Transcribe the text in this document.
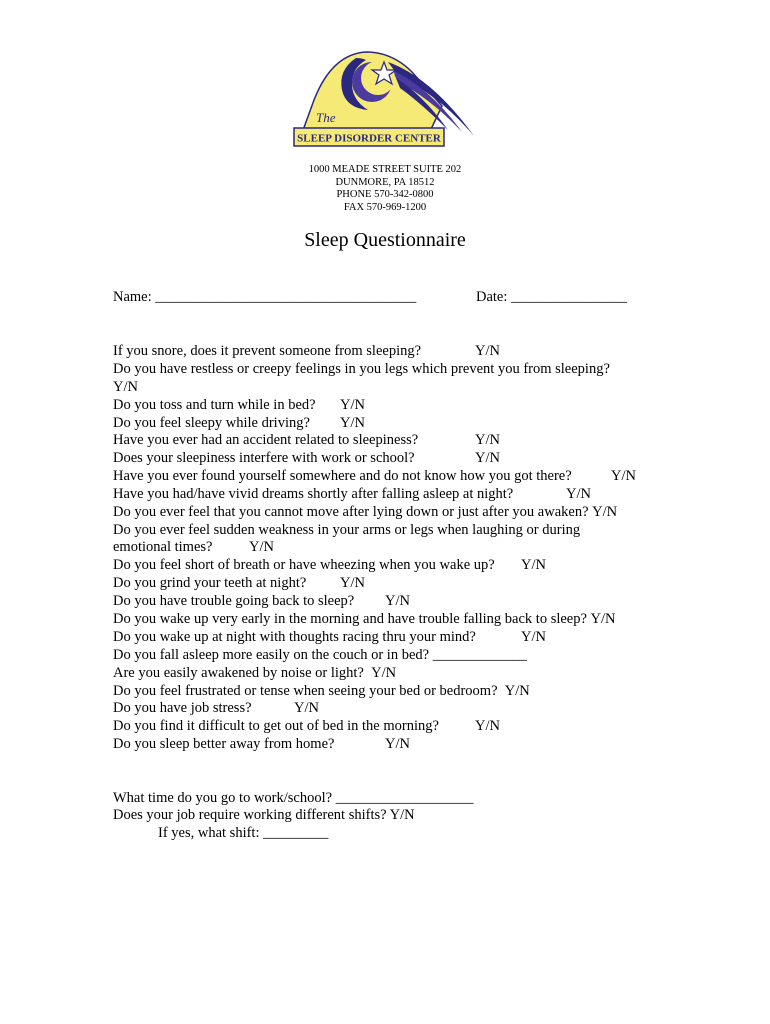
SLEEP DISORDER CENTER
The
1000 MEADE STREET SUITE 202
DUNMORE, PA 18512
PHONE 570-342-0800
FAX 570-969-1200
Sleep Questionnaire
Name: ____________________________________	Date: ________________
If you snore, does it prevent someone from sleeping?	Y/N
Do you have restless or creepy feelings in you legs which prevent you from sleeping?
Y/N
Do you toss and turn while in bed? Y/N
Do you feel sleepy while driving? Y/N
Have you ever had an accident related to sleepiness?	Y/N
Does your sleepiness interfere with work or school?	Y/N
Have you ever found yourself somewhere and do not know how you got there?	Y/N
Have you had/have vivid dreams shortly after falling asleep at night?	Y/N
Do you ever feel that you cannot move after lying down or just after you awaken? Y/N
Do you ever feel sudden weakness in your arms or legs when laughing or during
emotional times?	Y/N
Do you feel short of breath or have wheezing when you wake up? Y/N
Do you grind your teeth at night? Y/N
Do you have trouble going back to sleep? Y/N
Do you wake up very early in the morning and have trouble falling back to sleep? Y/N
Do you wake up at night with thoughts racing thru your mind?	Y/N
Do you fall asleep more easily on the couch or in bed? _____________
Are you easily awakened by noise or light? Y/N
Do you feel frustrated or tense when seeing your bed or bedroom? Y/N
Do you have job stress?	Y/N
Do you find it difficult to get out of bed in the morning? Y/N
Do you sleep better away from home?	Y/N
What time do you go to work/school? ___________________
Does your job require working different shifts? Y/N
If yes, what shift: _________
